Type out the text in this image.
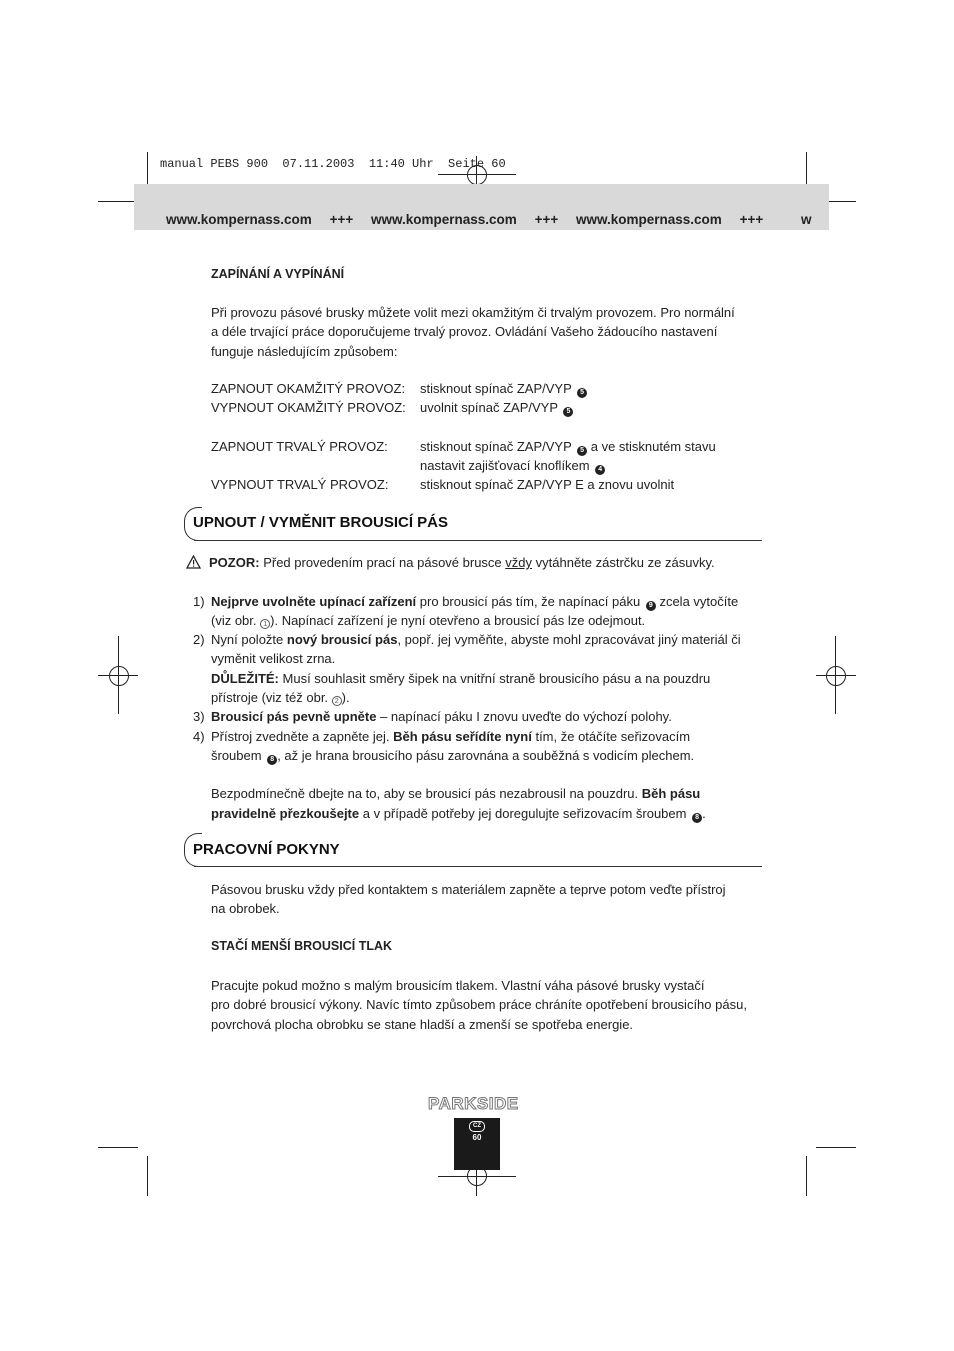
manual PEBS 900  07.11.2003  11:40 Uhr  Seite 60
www.kompernass.com +++ www.kompernass.com +++ www.kompernass.com +++	w
ZAPÍNÁNÍ A VYPÍNÁNÍ
Při provozu pásové brusky můžete volit mezi okamžitým či trvalým provozem. Pro normální
a déle trvající práce doporučujeme trvalý provoz. Ovládání Vašeho žádoucího nastavení
funguje následujícím způsobem:
ZAPNOUT OKAMŽITÝ PROVOZ: stisknout spínač ZAP/VYP 5
VYPNOUT OKAMŽITÝ PROVOZ: uvolnit spínač ZAP/VYP 5
ZAPNOUT TRVALÝ PROVOZ: stisknout spínač ZAP/VYP 5 a ve stisknutém stavu
nastavit zajišťovací knoflíkem 4
VYPNOUT TRVALÝ PROVOZ: stisknout spínač ZAP/VYP E a znovu uvolnit
UPNOUT / VYMĚNIT BROUSICÍ PÁS
POZOR: Před provedením prací na pásové brusce vždy vytáhněte zástrčku ze zásuvky.
1) Nejprve uvolněte upínací zařízení pro brousicí pás tím, že napínací páku 9 zcela vytočíte
(viz obr. 1 ). Napínací zařízení je nyní otevřeno a brousicí pás lze odejmout.
2) Nyní položte nový brousicí pás, popř. jej vyměňte, abyste mohl zpracovávat jiný materiál či
vyměnit velikost zrna.
DŮLEŽITÉ: Musí souhlasit směry šipek na vnitřní straně brousicího pásu a na pouzdru
přístroje (viz též obr. 2 ).
3) Brousicí pás pevně upněte – napínací páku I znovu uveďte do výchozí polohy.
4) Přístroj zvedněte a zapněte jej. Běh pásu seřídíte nyní tím, že otáčíte seřizovacím
šroubem 8 , až je hrana brousicího pásu zarovnána a souběžná s vodicím plechem.
Bezpodmínečně dbejte na to, aby se brousicí pás nezabrousil na pouzdru. Běh pásu
pravidelně přezkoušejte a v případě potřeby jej doregulujte seřizovacím šroubem 8 .
PRACOVNÍ POKYNY
Pásovou brusku vždy před kontaktem s materiálem zapněte a teprve potom veďte přístroj
na obrobek.
STAČÍ MENŠÍ BROUSICÍ TLAK
Pracujte pokud možno s malým brousicím tlakem. Vlastní váha pásové brusky vystačí
pro dobré brousicí výkony. Navíc tímto způsobem práce chráníte opotřebení brousicího pásu,
povrchová plocha obrobku se stane hladší a zmenší se spotřeba energie.
PARKSIDE
CZ
60
